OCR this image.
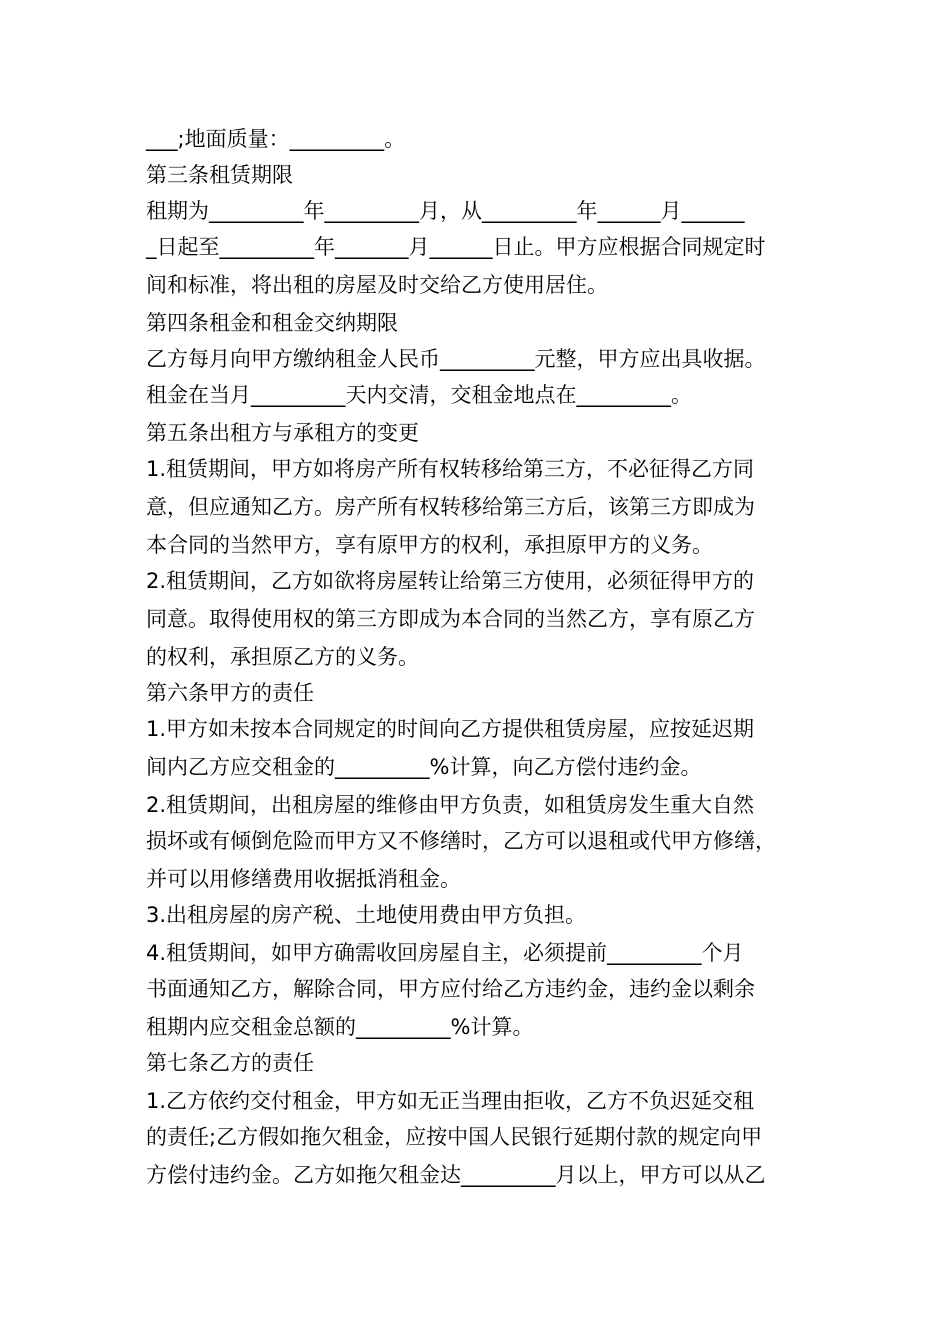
___;地面质量：_________。
第三条租赁期限
租期为_________年_________月，从_________年______月______
_日起至_________年_______月______日止。甲方应根据合同规定时
间和标准，将出租的房屋及时交给乙方使用居住。
第四条租金和租金交纳期限
乙方每月向甲方缴纳租金人民币_________元整，甲方应出具收据。
租金在当月_________天内交清，交租金地点在_________。
第五条出租方与承租方的变更
1.租赁期间，甲方如将房产所有权转移给第三方，不必征得乙方同
意，但应通知乙方。房产所有权转移给第三方后，该第三方即成为
本合同的当然甲方，享有原甲方的权利，承担原甲方的义务。
2.租赁期间，乙方如欲将房屋转让给第三方使用，必须征得甲方的
同意。取得使用权的第三方即成为本合同的当然乙方，享有原乙方
的权利，承担原乙方的义务。
第六条甲方的责任
1.甲方如未按本合同规定的时间向乙方提供租赁房屋，应按延迟期
间内乙方应交租金的_________%计算，向乙方偿付违约金。
2.租赁期间，出租房屋的维修由甲方负责，如租赁房发生重大自然
损坏或有倾倒危险而甲方又不修缮时，乙方可以退租或代甲方修缮，
并可以用修缮费用收据抵消租金。
3.出租房屋的房产税、土地使用费由甲方负担。
4.租赁期间，如甲方确需收回房屋自主，必须提前_________个月
书面通知乙方，解除合同，甲方应付给乙方违约金，违约金以剩余
租期内应交租金总额的_________%计算。
第七条乙方的责任
1.乙方依约交付租金，甲方如无正当理由拒收，乙方不负迟延交租
的责任;乙方假如拖欠租金，应按中国人民银行延期付款的规定向甲
方偿付违约金。乙方如拖欠租金达_________月以上，甲方可以从乙
